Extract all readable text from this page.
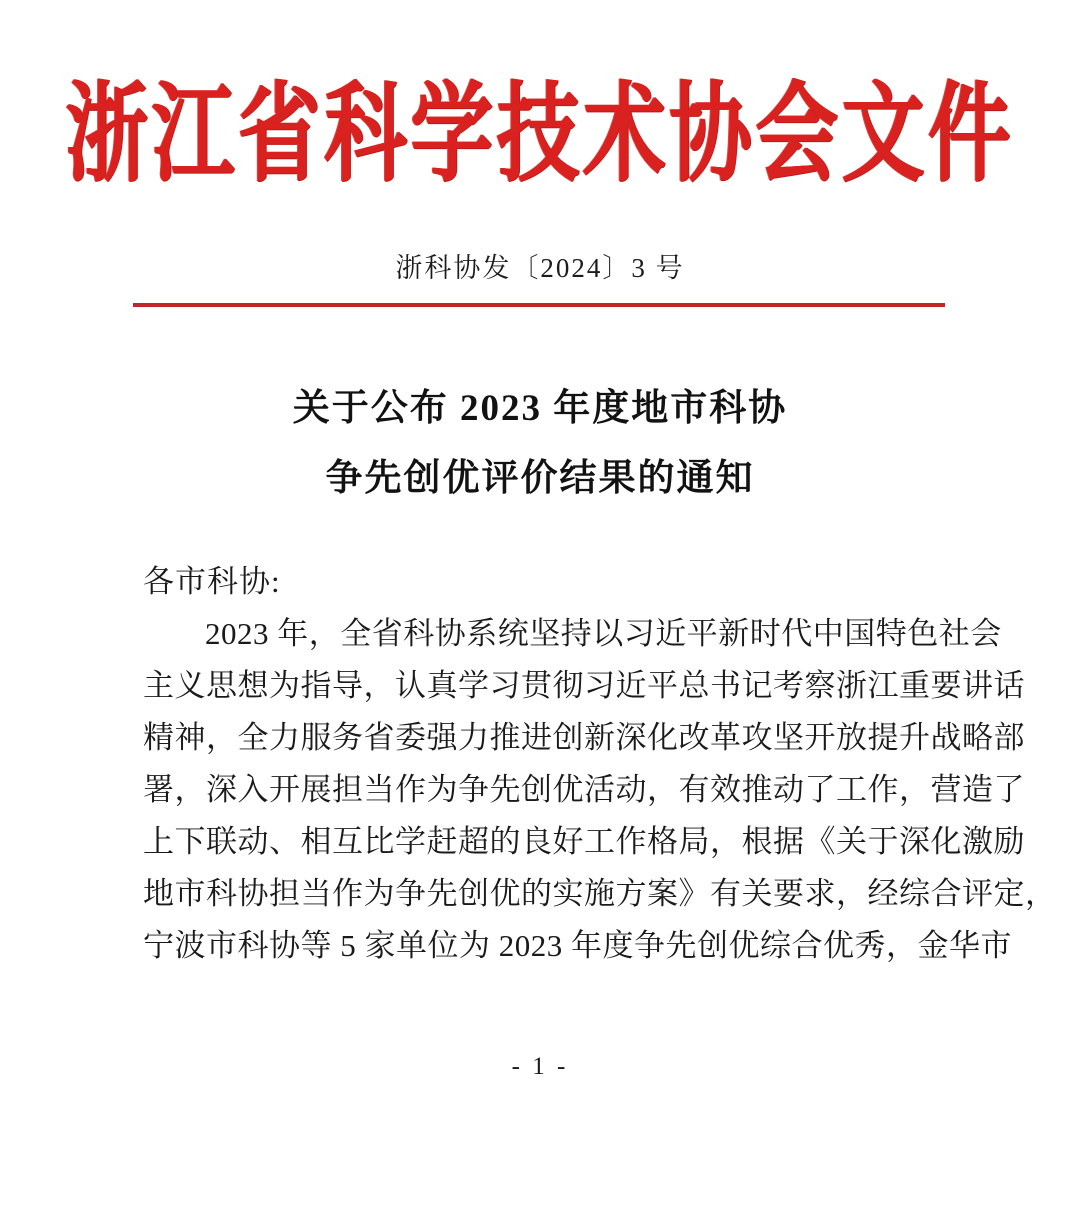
浙江省科学技术协会文件
浙科协发〔2024〕3 号
关于公布 2023 年度地市科协
争先创优评价结果的通知
各市科协:
2023 年，全省科协系统坚持以习近平新时代中国特色社会
主义思想为指导，认真学习贯彻习近平总书记考察浙江重要讲话
精神，全力服务省委强力推进创新深化改革攻坚开放提升战略部
署，深入开展担当作为争先创优活动，有效推动了工作，营造了
上下联动、相互比学赶超的良好工作格局，根据《关于深化激励
地市科协担当作为争先创优的实施方案》有关要求，经综合评定，
宁波市科协等 5 家单位为 2023 年度争先创优综合优秀，金华市
- 1 -
